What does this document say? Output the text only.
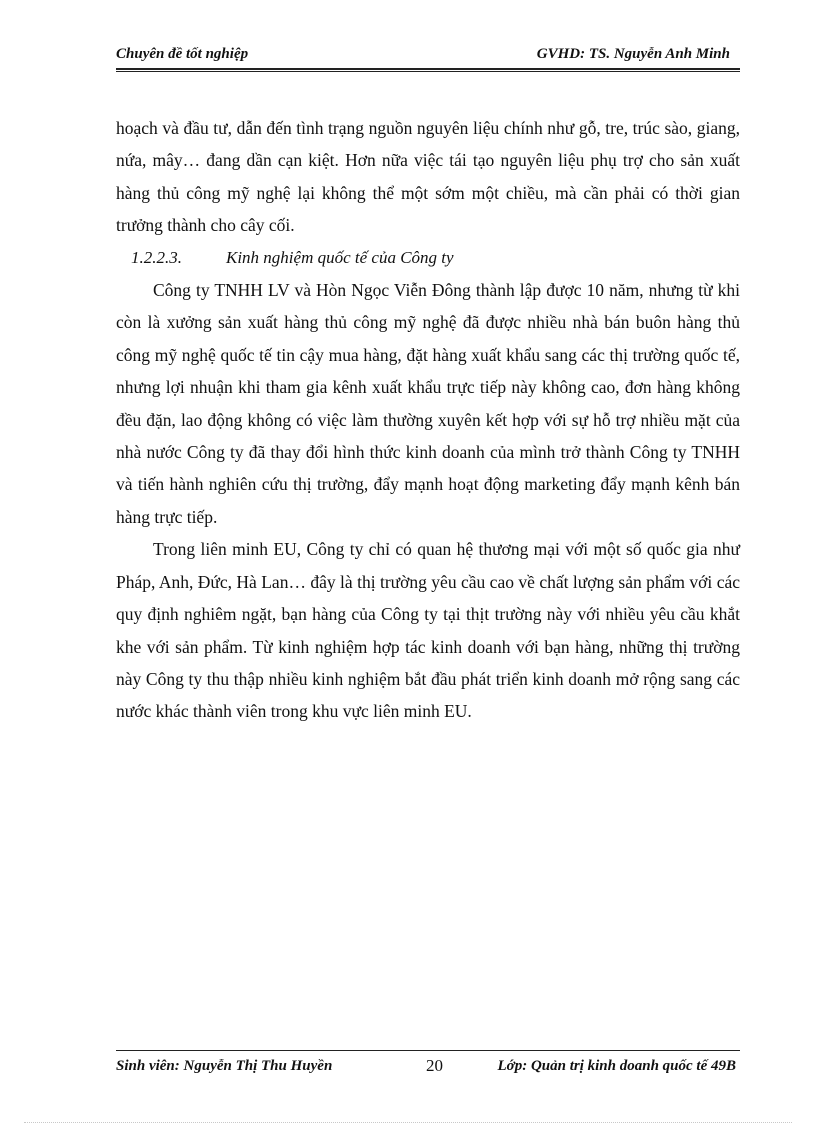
Chuyên đề tốt nghiệp	GVHD: TS. Nguyễn Anh Minh

hoạch và đầu tư, dẫn đến tình trạng nguồn nguyên liệu chính như gỗ, tre, trúc sào, giang, nứa, mây… đang dần cạn kiệt. Hơn nữa việc tái tạo nguyên liệu phụ trợ cho sản xuất hàng thủ công mỹ nghệ lại không thể một sớm một chiều, mà cần phải có thời gian trưởng thành cho cây cối.

1.2.2.3.	Kinh nghiệm quốc tế của Công ty

Công ty TNHH LV và Hòn Ngọc Viễn Đông thành lập được 10 năm, nhưng từ khi còn là xưởng sản xuất hàng thủ công mỹ nghệ đã được nhiều nhà bán buôn hàng thủ công mỹ nghệ quốc tế tin cậy mua hàng, đặt hàng xuất khẩu sang các thị trường quốc tế, nhưng lợi nhuận khi tham gia kênh xuất khẩu trực tiếp này không cao, đơn hàng không đều đặn, lao động không có việc làm thường xuyên kết hợp với sự hỗ trợ nhiều mặt của nhà nước Công ty đã thay đổi hình thức kinh doanh của mình trở thành Công ty TNHH và tiến hành nghiên cứu thị trường, đẩy mạnh hoạt động marketing đẩy mạnh kênh bán hàng trực tiếp.

Trong liên minh EU, Công ty chỉ có quan hệ thương mại với một số quốc gia như Pháp, Anh, Đức, Hà Lan… đây là thị trường yêu cầu cao về chất lượng sản phẩm với các quy định nghiêm ngặt, bạn hàng của Công ty tại thịt trường này với nhiều yêu cầu khắt khe với sản phẩm. Từ kinh nghiệm hợp tác kinh doanh với bạn hàng, những thị trường này Công ty thu thập nhiều kinh nghiệm bắt đầu phát triển kinh doanh mở rộng sang các nước khác thành viên trong khu vực liên minh EU.

Sinh viên: Nguyễn Thị Thu Huyền	20	Lớp: Quản trị kinh doanh quốc tế 49B
